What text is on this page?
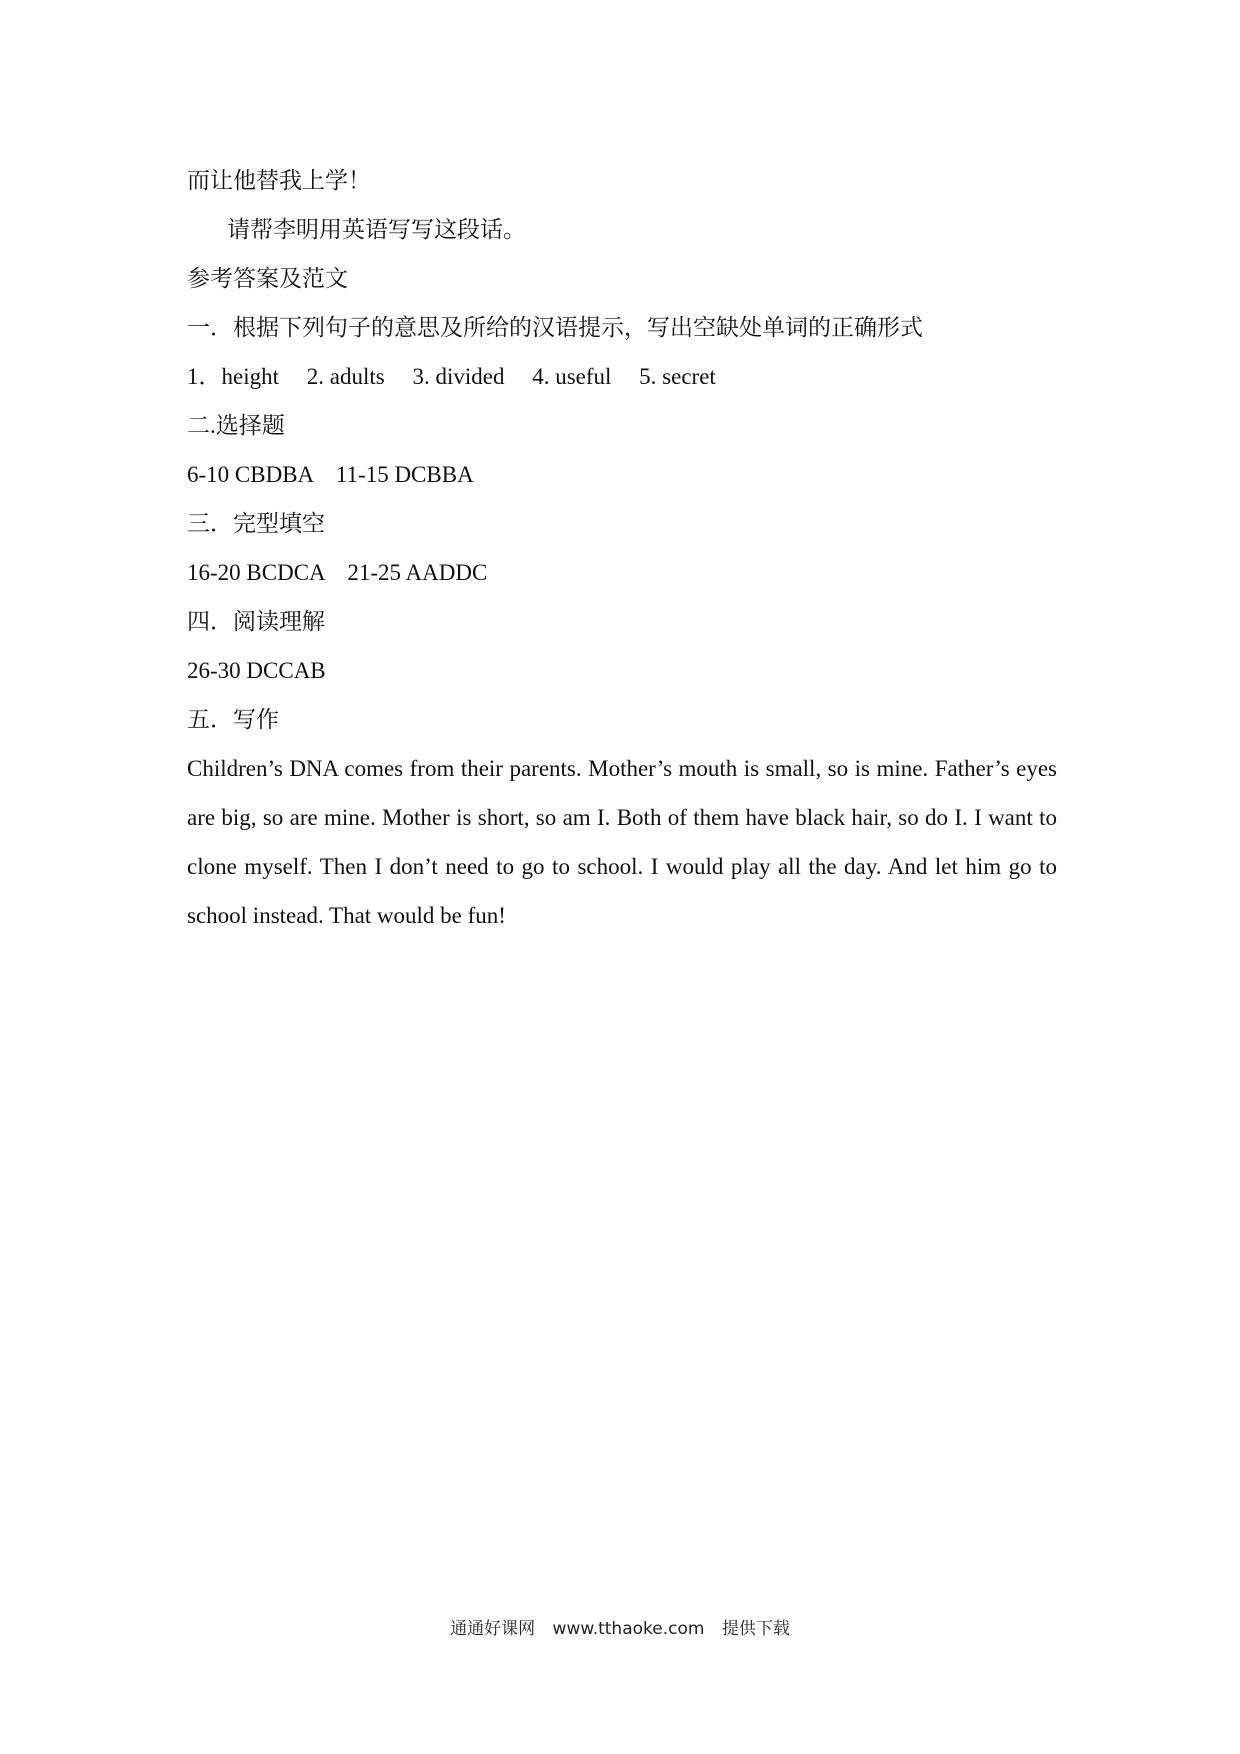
而让他替我上学！

请帮李明用英语写写这段话。

参考答案及范文

一．根据下列句子的意思及所给的汉语提示，写出空缺处单词的正确形式

1．height 2. adults 3. divided 4. useful 5. secret

二.选择题

6-10 CBDBA    11-15 DCBBA

三．完型填空

16-20 BCDCA    21-25 AADDC

四．阅读理解

26-30 DCCAB

五．写作

Children’s DNA comes from their parents. Mother’s mouth is small, so is mine. Father’s eyes are big, so are mine. Mother is short, so am I. Both of them have black hair, so do I. I want to clone myself. Then I don’t need to go to school. I would play all the day. And let him go to school instead. That would be fun!

通通好课网 www.tthaoke.com 提供下载
